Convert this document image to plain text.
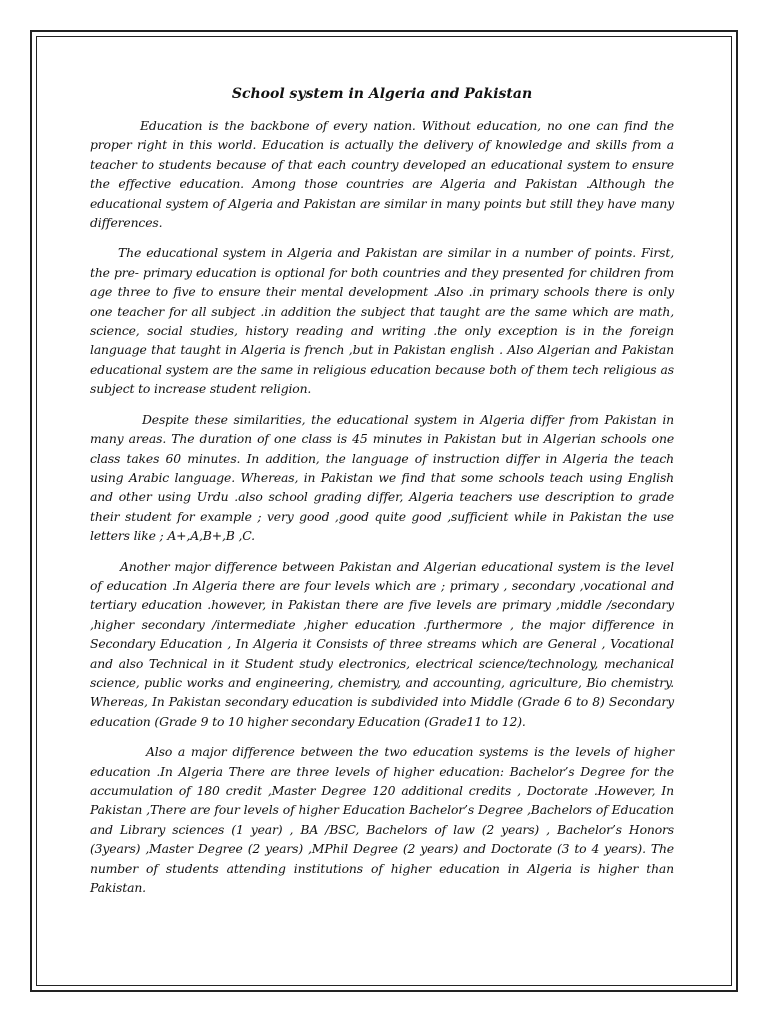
School system in Algeria and Pakistan

Education is the backbone of every nation. Without education, no one can find the proper right in this world. Education is actually the delivery of knowledge and skills from a teacher to students because of that each country developed an educational system to ensure the effective education. Among those countries are Algeria and Pakistan .Although the educational system of Algeria and Pakistan are similar in many points but still they have many differences.

The educational system in Algeria and Pakistan are similar in a number of points. First, the pre- primary education is optional for both countries and they presented for children from age three to five to ensure their mental development .Also .in primary schools there is only one teacher for all subject .in addition the subject that taught are the same which are math, science, social studies, history reading and writing .the only exception is in the foreign language that taught in Algeria is french ,but in Pakistan english . Also Algerian and Pakistan educational system are the same in religious education because both of them tech religious as subject to increase student religion.

Despite these similarities, the educational system in Algeria differ from Pakistan in many areas. The duration of one class is 45 minutes in Pakistan but in Algerian schools one class takes 60 minutes. In addition, the language of instruction differ in Algeria the teach using Arabic language. Whereas, in Pakistan we find that some schools teach using English and other using Urdu .also school grading differ, Algeria teachers use description to grade their student for example ; very good ,good quite good ,sufficient while in Pakistan the use letters like ; A+,A,B+,B ,C.

Another major difference between Pakistan and Algerian educational system is the level of education .In Algeria there are four levels which are ; primary , secondary ,vocational and tertiary education .however, in Pakistan there are five levels are primary ,middle /secondary ,higher secondary /intermediate ,higher education .furthermore , the major difference in Secondary Education , In Algeria it Consists of three streams which are General , Vocational and also Technical in it Student study electronics, electrical science/technology, mechanical science, public works and engineering, chemistry, and accounting, agriculture, Bio chemistry. Whereas, In Pakistan secondary education is subdivided into Middle (Grade 6 to 8) Secondary education (Grade 9 to 10 higher secondary Education (Grade11 to 12).

Also a major difference between the two education systems is the levels of higher education .In Algeria There are three levels of higher education: Bachelor’s Degree for the accumulation of 180 credit ,Master Degree 120 additional credits , Doctorate .However, In Pakistan ,There are four levels of higher Education Bachelor’s Degree ,Bachelors of Education and Library sciences (1 year) , BA /BSC, Bachelors of law (2 years) , Bachelor’s Honors (3years) ,Master Degree (2 years) ,MPhil Degree (2 years) and Doctorate (3 to 4 years). The number of students attending institutions of higher education in Algeria is higher than Pakistan.
